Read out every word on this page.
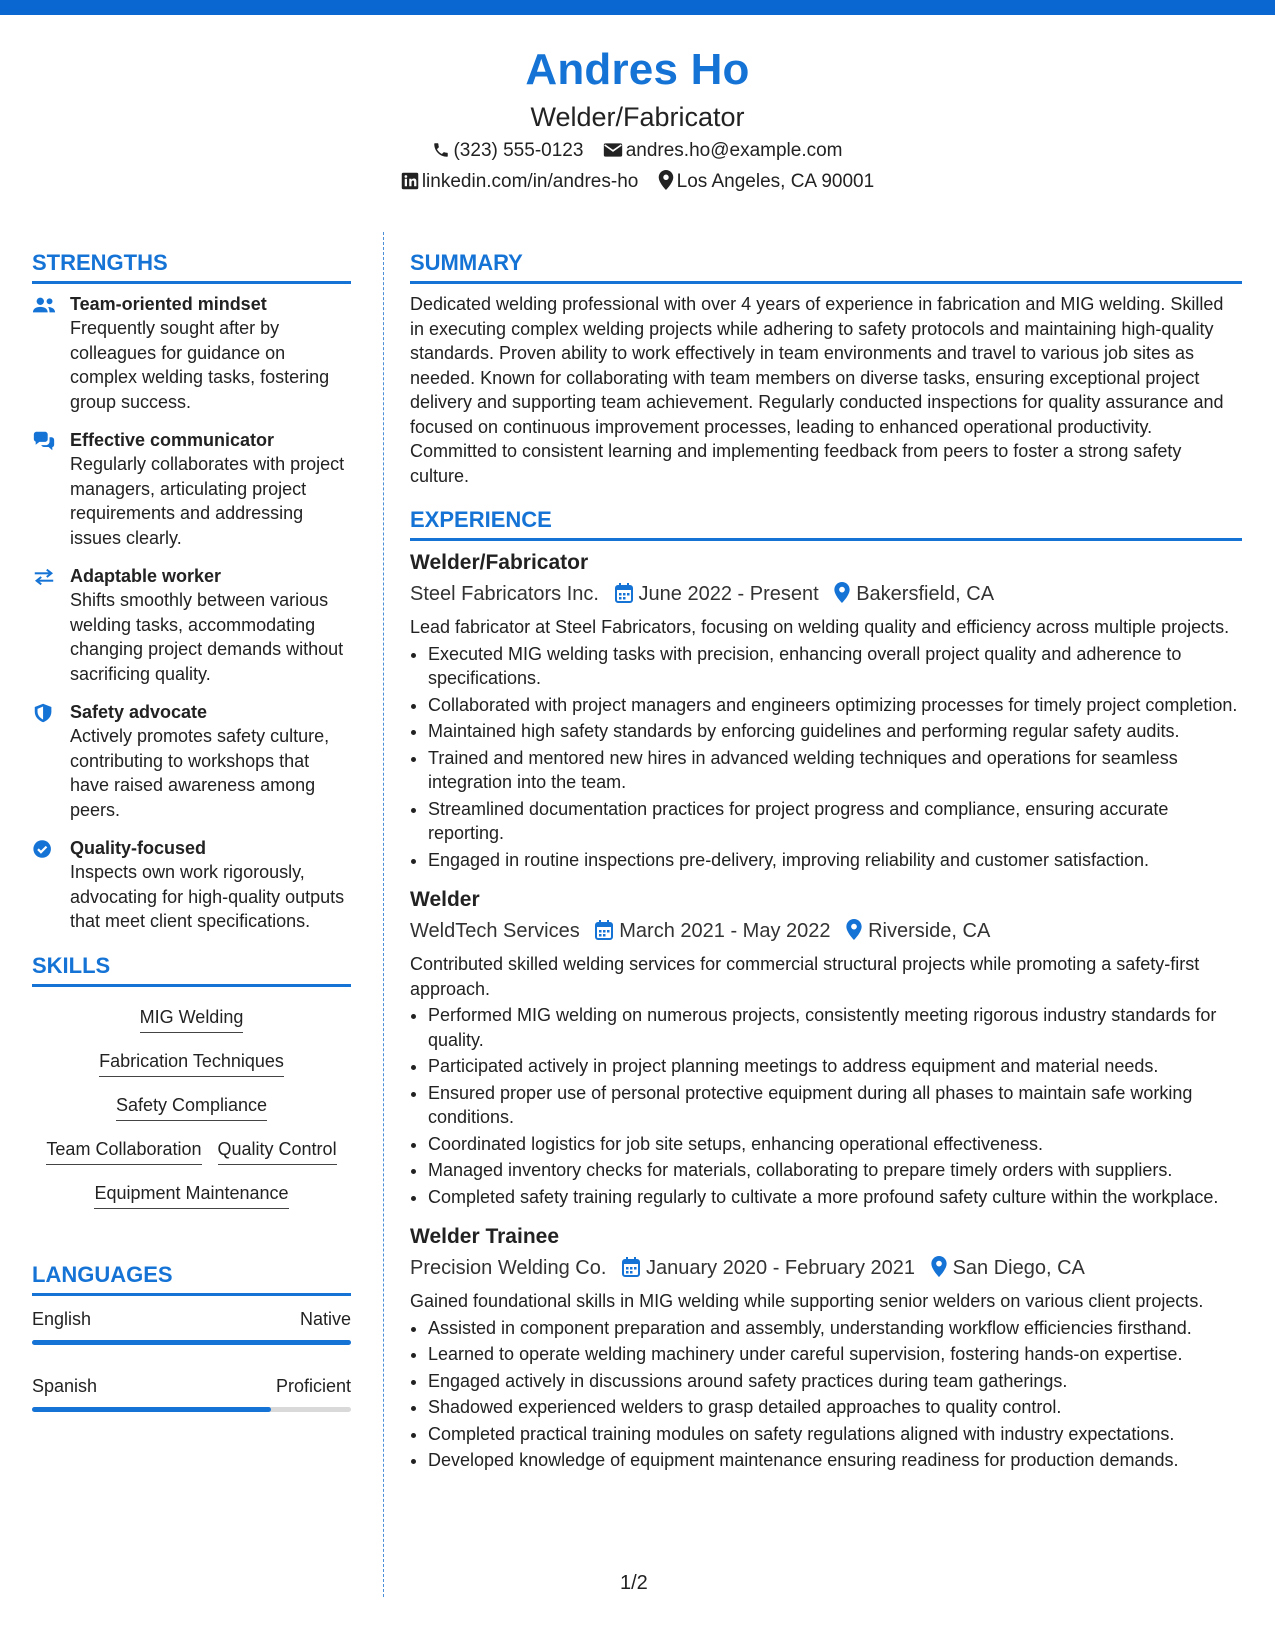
Andres Ho
Welder/Fabricator
(323) 555-0123 andres.ho@example.com
linkedin.com/in/andres-ho Los Angeles, CA 90001
STRENGTHS
Team-oriented mindset
Frequently sought after by colleagues for guidance on complex welding tasks, fostering group success.
Effective communicator
Regularly collaborates with project managers, articulating project requirements and addressing issues clearly.
Adaptable worker
Shifts smoothly between various welding tasks, accommodating changing project demands without sacrificing quality.
Safety advocate
Actively promotes safety culture, contributing to workshops that have raised awareness among peers.
Quality-focused
Inspects own work rigorously, advocating for high-quality outputs that meet client specifications.
SKILLS
MIG Welding
Fabrication Techniques
Safety Compliance
Team Collaboration Quality Control
Equipment Maintenance
LANGUAGES
English	Native
Spanish	Proficient
SUMMARY
Dedicated welding professional with over 4 years of experience in fabrication and MIG welding. Skilled in executing complex welding projects while adhering to safety protocols and maintaining high-quality standards. Proven ability to work effectively in team environments and travel to various job sites as needed. Known for collaborating with team members on diverse tasks, ensuring exceptional project delivery and supporting team achievement. Regularly conducted inspections for quality assurance and focused on continuous improvement processes, leading to enhanced operational productivity. Committed to consistent learning and implementing feedback from peers to foster a strong safety culture.
EXPERIENCE
Welder/Fabricator
Steel Fabricators Inc. June 2022 - Present Bakersfield, CA
Lead fabricator at Steel Fabricators, focusing on welding quality and efficiency across multiple projects.
• Executed MIG welding tasks with precision, enhancing overall project quality and adherence to specifications.
• Collaborated with project managers and engineers optimizing processes for timely project completion.
• Maintained high safety standards by enforcing guidelines and performing regular safety audits.
• Trained and mentored new hires in advanced welding techniques and operations for seamless integration into the team.
• Streamlined documentation practices for project progress and compliance, ensuring accurate reporting.
• Engaged in routine inspections pre-delivery, improving reliability and customer satisfaction.
Welder
WeldTech Services March 2021 - May 2022 Riverside, CA
Contributed skilled welding services for commercial structural projects while promoting a safety-first approach.
• Performed MIG welding on numerous projects, consistently meeting rigorous industry standards for quality.
• Participated actively in project planning meetings to address equipment and material needs.
• Ensured proper use of personal protective equipment during all phases to maintain safe working conditions.
• Coordinated logistics for job site setups, enhancing operational effectiveness.
• Managed inventory checks for materials, collaborating to prepare timely orders with suppliers.
• Completed safety training regularly to cultivate a more profound safety culture within the workplace.
Welder Trainee
Precision Welding Co. January 2020 - February 2021 San Diego, CA
Gained foundational skills in MIG welding while supporting senior welders on various client projects.
• Assisted in component preparation and assembly, understanding workflow efficiencies firsthand.
• Learned to operate welding machinery under careful supervision, fostering hands-on expertise.
• Engaged actively in discussions around safety practices during team gatherings.
• Shadowed experienced welders to grasp detailed approaches to quality control.
• Completed practical training modules on safety regulations aligned with industry expectations.
• Developed knowledge of equipment maintenance ensuring readiness for production demands.
1/2
